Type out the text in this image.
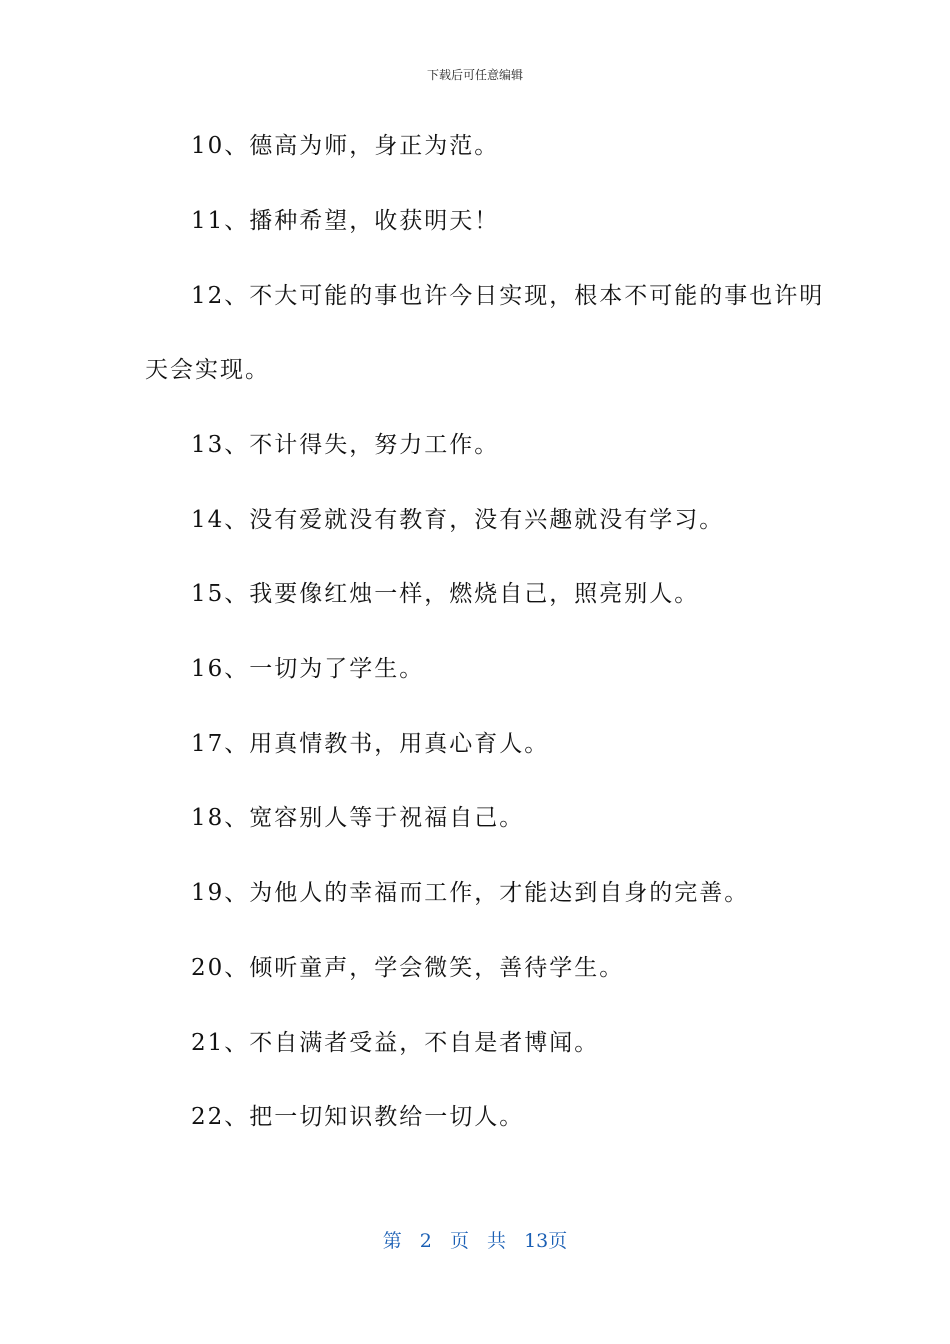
下载后可任意编辑
10、德高为师，身正为范。
11、播种希望，收获明天！
12、不大可能的事也许今日实现，根本不可能的事也许明
天会实现。
13、不计得失，努力工作。
14、没有爱就没有教育，没有兴趣就没有学习。
15、我要像红烛一样，燃烧自己，照亮别人。
16、一切为了学生。
17、用真情教书，用真心育人。
18、宽容别人等于祝福自己。
19、为他人的幸福而工作，才能达到自身的完善。
20、倾听童声，学会微笑，善待学生。
21、不自满者受益，不自是者博闻。
22、把一切知识教给一切人。
第 2 页 共 13页
